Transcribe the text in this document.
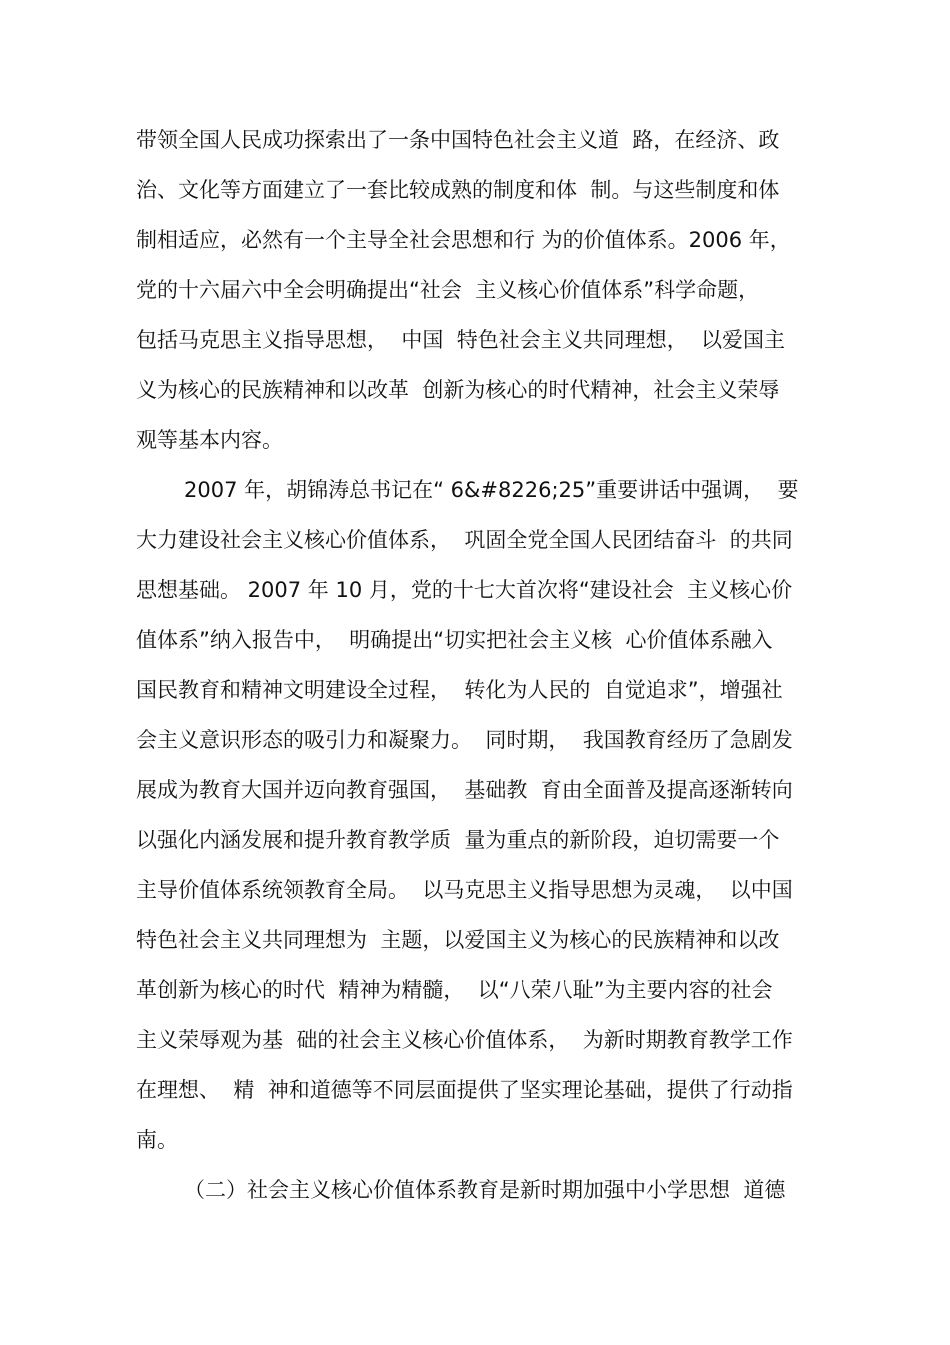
带领全国人民成功探索出了一条中国特色社会主义道  路，在经济、政
治、文化等方面建立了一套比较成熟的制度和体  制。与这些制度和体
制相适应，必然有一个主导全社会思想和行 为的价值体系。2006 年，
党的十六届六中全会明确提出“社会  主义核心价值体系”科学命题，
包括马克思主义指导思想，  中国  特色社会主义共同理想，  以爱国主
义为核心的民族精神和以改革  创新为核心的时代精神，社会主义荣辱
观等基本内容。
2007 年，胡锦涛总书记在“ 6&#8226;25”重要讲话中强调，  要
大力建设社会主义核心价值体系，  巩固全党全国人民团结奋斗  的共同
思想基础。 2007 年 10 月，党的十七大首次将“建设社会  主义核心价
值体系”纳入报告中，  明确提出“切实把社会主义核  心价值体系融入
国民教育和精神文明建设全过程，  转化为人民的  自觉追求”，增强社
会主义意识形态的吸引力和凝聚力。  同时期，  我国教育经历了急剧发
展成为教育大国并迈向教育强国，  基础教  育由全面普及提高逐渐转向
以强化内涵发展和提升教育教学质  量为重点的新阶段，迫切需要一个
主导价值体系统领教育全局。  以马克思主义指导思想为灵魂，  以中国
特色社会主义共同理想为  主题，以爱国主义为核心的民族精神和以改
革创新为核心的时代  精神为精髓，  以“八荣八耻”为主要内容的社会
主义荣辱观为基  础的社会主义核心价值体系，  为新时期教育教学工作
在理想、  精  神和道德等不同层面提供了坚实理论基础，提供了行动指
南。
（二）社会主义核心价值体系教育是新时期加强中小学思想  道德
